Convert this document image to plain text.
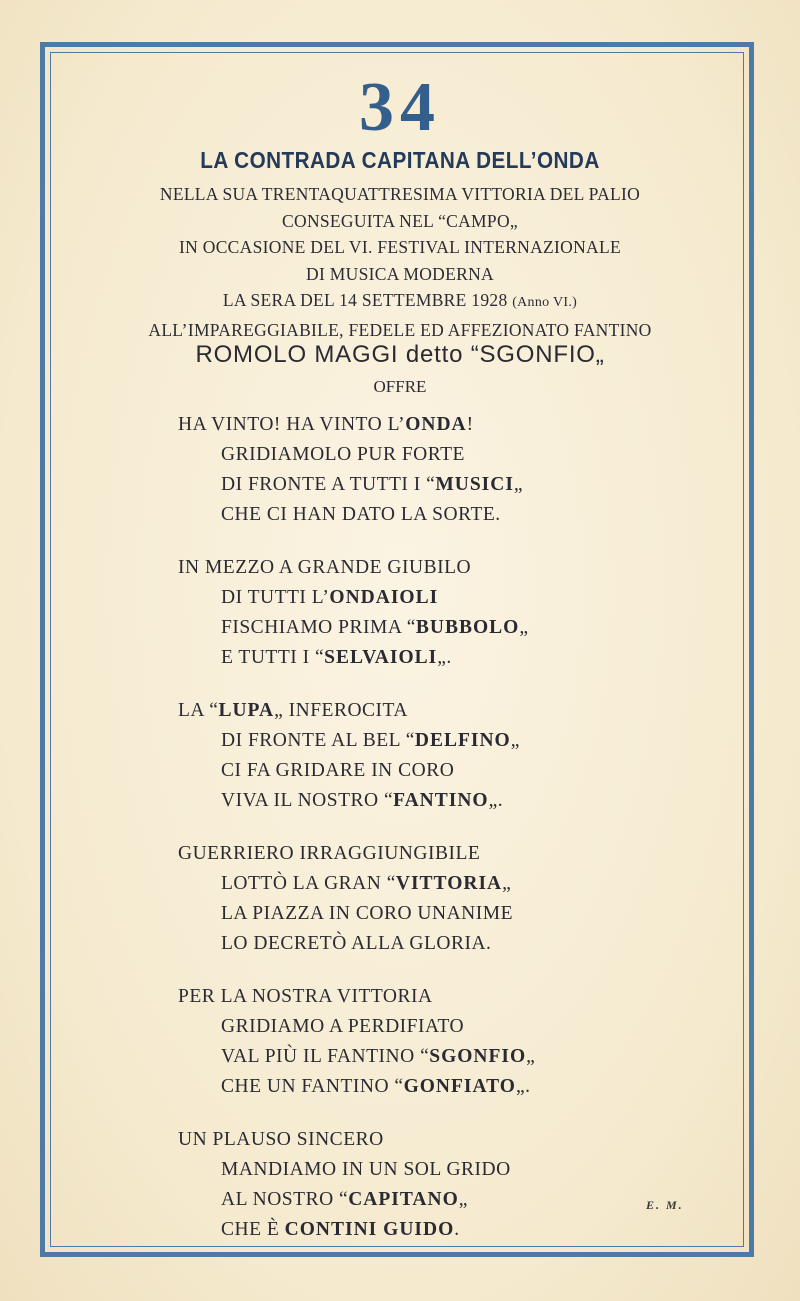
34
LA CONTRADA CAPITANA DELL’ONDA
NELLA SUA TRENTAQUATTRESIMA VITTORIA DEL PALIO
CONSEGUITA NEL “CAMPO„
IN OCCASIONE DEL VI. FESTIVAL INTERNAZIONALE
DI MUSICA MODERNA
LA SERA DEL 14 SETTEMBRE 1928 (Anno VI.)
ALL’IMPAREGGIABILE, FEDELE ED AFFEZIONATO FANTINO
ROMOLO MAGGI detto “SGONFIO„
OFFRE
HA VINTO! HA VINTO L’ONDA!
GRIDIAMOLO PUR FORTE
DI FRONTE A TUTTI I “MUSICI„
CHE CI HAN DATO LA SORTE.
IN MEZZO A GRANDE GIUBILO
DI TUTTI L’ONDAIOLI
FISCHIAMO PRIMA “BUBBOLO„
E TUTTI I “SELVAIOLI„.
LA “LUPA„ INFEROCITA
DI FRONTE AL BEL “DELFINO„
CI FA GRIDARE IN CORO
VIVA IL NOSTRO “FANTINO„.
GUERRIERO IRRAGGIUNGIBILE
LOTTÒ LA GRAN “VITTORIA„
LA PIAZZA IN CORO UNANIME
LO DECRETÒ ALLA GLORIA.
PER LA NOSTRA VITTORIA
GRIDIAMO A PERDIFIATO
VAL PIÙ IL FANTINO “SGONFIO„
CHE UN FANTINO “GONFIATO„.
UN PLAUSO SINCERO
MANDIAMO IN UN SOL GRIDO
AL NOSTRO “CAPITANO„
CHE È CONTINI GUIDO.
E. M.
